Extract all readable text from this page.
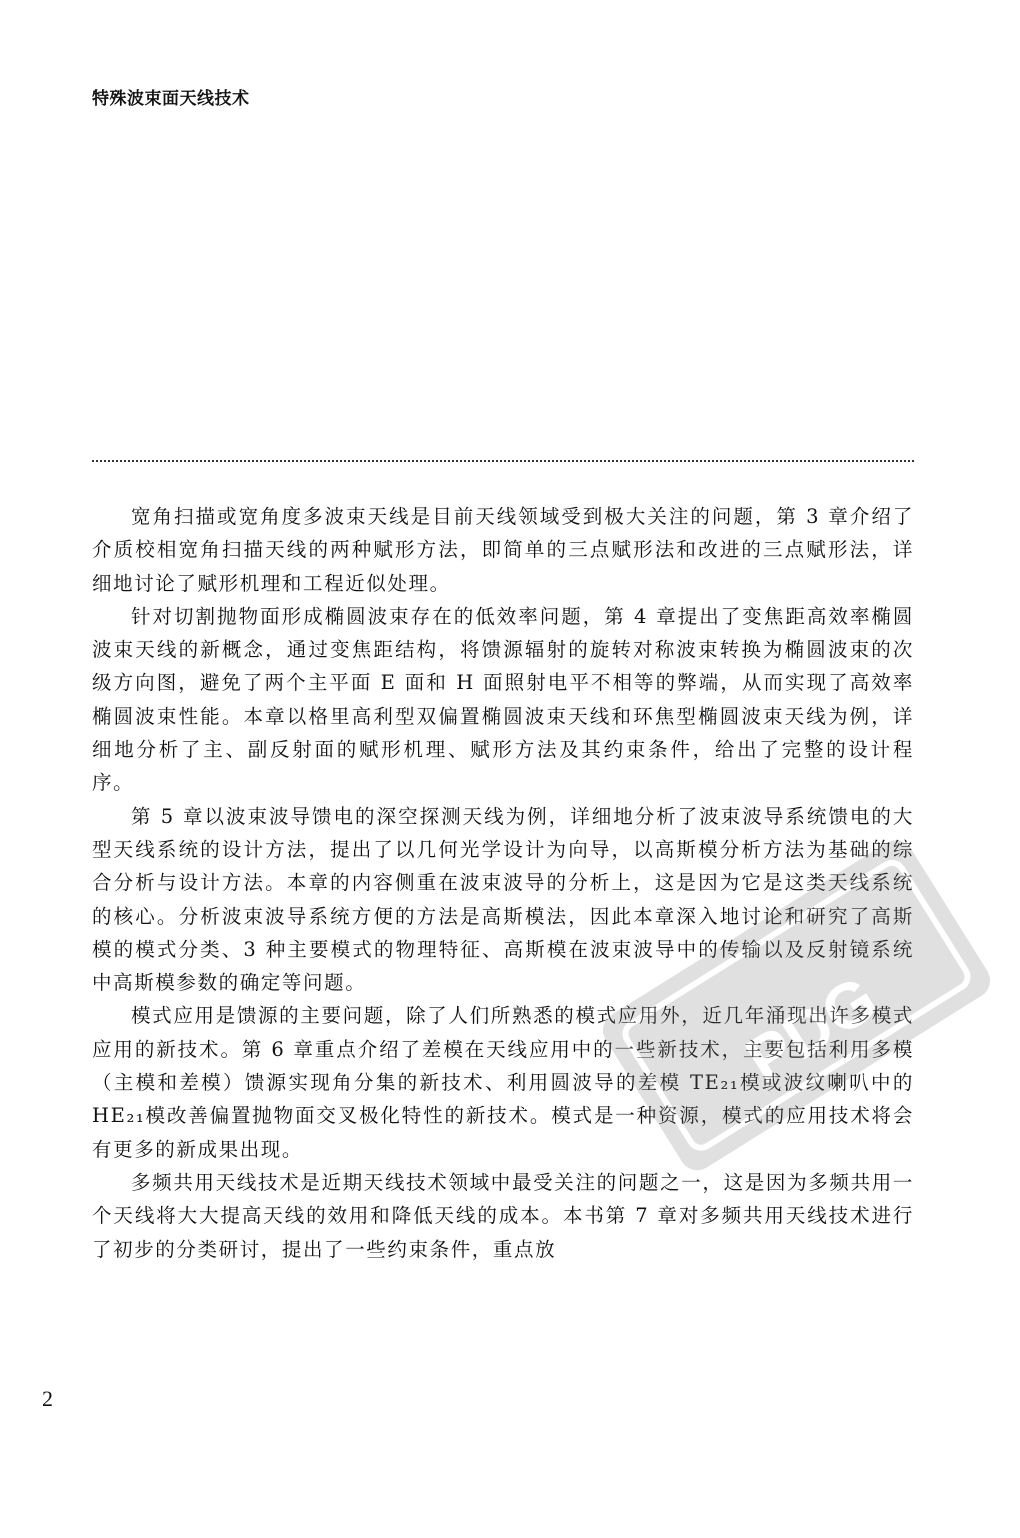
特殊波束面天线技术

宽角扫描或宽角度多波束天线是目前天线领域受到极大关注的问题，第 3 章介绍了介质校相宽角扫描天线的两种赋形方法，即简单的三点赋形法和改进的三点赋形法，详细地讨论了赋形机理和工程近似处理。

针对切割抛物面形成椭圆波束存在的低效率问题，第 4 章提出了变焦距高效率椭圆波束天线的新概念，通过变焦距结构，将馈源辐射的旋转对称波束转换为椭圆波束的次级方向图，避免了两个主平面 E 面和 H 面照射电平不相等的弊端，从而实现了高效率椭圆波束性能。本章以格里高利型双偏置椭圆波束天线和环焦型椭圆波束天线为例，详细地分析了主、副反射面的赋形机理、赋形方法及其约束条件，给出了完整的设计程序。

第 5 章以波束波导馈电的深空探测天线为例，详细地分析了波束波导系统馈电的大型天线系统的设计方法，提出了以几何光学设计为向导，以高斯模分析方法为基础的综合分析与设计方法。本章的内容侧重在波束波导的分析上，这是因为它是这类天线系统的核心。分析波束波导系统方便的方法是高斯模法，因此本章深入地讨论和研究了高斯模的模式分类、3 种主要模式的物理特征、高斯模在波束波导中的传输以及反射镜系统中高斯模参数的确定等问题。

模式应用是馈源的主要问题，除了人们所熟悉的模式应用外，近几年涌现出许多模式应用的新技术。第 6 章重点介绍了差模在天线应用中的一些新技术，主要包括利用多模（主模和差模）馈源实现角分集的新技术、利用圆波导的差模 TE₂₁模或波纹喇叭中的 HE₂₁模改善偏置抛物面交叉极化特性的新技术。模式是一种资源，模式的应用技术将会有更多的新成果出现。

多频共用天线技术是近期天线技术领域中最受关注的问题之一，这是因为多频共用一个天线将大大提高天线的效用和降低天线的成本。本书第 7 章对多频共用天线技术进行了初步的分类研讨，提出了一些约束条件，重点放

2
PDG
